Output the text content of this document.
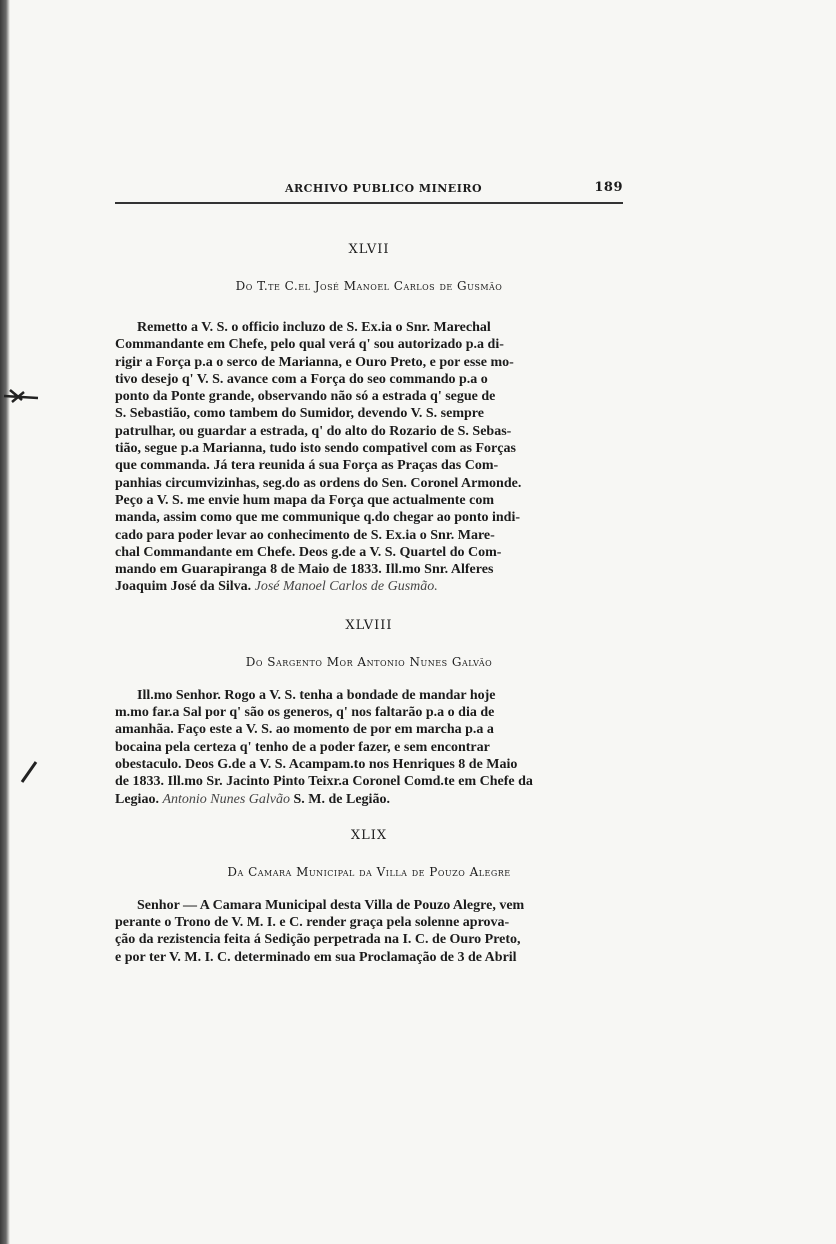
ARCHIVO PUBLICO MINEIRO	189
XLVII
Do T.te C.el José Manoel Carlos de Gusmão

Remetto a V. S. o officio incluzo de S. Ex.ia o Snr. Marechal

Commandante em Chefe, pelo qual verá q' sou autorizado p.a di-

rigir a Força p.a o serco de Marianna, e Ouro Preto, e por esse mo-

tivo desejo q' V. S. avance com a Força do seo commando p.a o

ponto da Ponte grande, observando não só a estrada q' segue de

S. Sebastião, como tambem do Sumidor, devendo V. S. sempre

patrulhar, ou guardar a estrada, q' do alto do Rozario de S. Sebas-

tião, segue p.a Marianna, tudo isto sendo compativel com as Forças

que commanda. Já tera reunida á sua Força as Praças das Com-

panhias circumvizinhas, seg.do as ordens do Sen. Coronel Armonde.

Peço a V. S. me envie hum mapa da Força que actualmente com

manda, assim como que me communique q.do chegar ao ponto indi-

cado para poder levar ao conhecimento de S. Ex.ia o Snr. Mare-

chal Commandante em Chefe. Deos g.de a V. S. Quartel do Com-

mando em Guarapiranga 8 de Maio de 1833. Ill.mo Snr. Alferes

Joaquim José da Silva. José Manoel Carlos de Gusmão.

XLVIII
Do Sargento Mor Antonio Nunes Galvão

Ill.mo Senhor. Rogo a V. S. tenha a bondade de mandar hoje

m.mo far.a Sal por q' são os generos, q' nos faltarão p.a o dia de

amanhãa. Faço este a V. S. ao momento de por em marcha p.a a

bocaina pela certeza q' tenho de a poder fazer, e sem encontrar

obestaculo. Deos G.de a V. S. Acampam.to nos Henriques 8 de Maio

de 1833. Ill.mo Sr. Jacinto Pinto Teixr.a Coronel Comd.te em Chefe da

Legiao. Antonio Nunes Galvão S. M. de Legião.

XLIX
Da Camara Municipal da Villa de Pouzo Alegre

Senhor — A Camara Municipal desta Villa de Pouzo Alegre, vem

perante o Trono de V. M. I. e C. render graça pela solenne aprova-

ção da rezistencia feita á Sedição perpetrada na I. C. de Ouro Preto,

e por ter V. M. I. C. determinado em sua Proclamação de 3 de Abril
